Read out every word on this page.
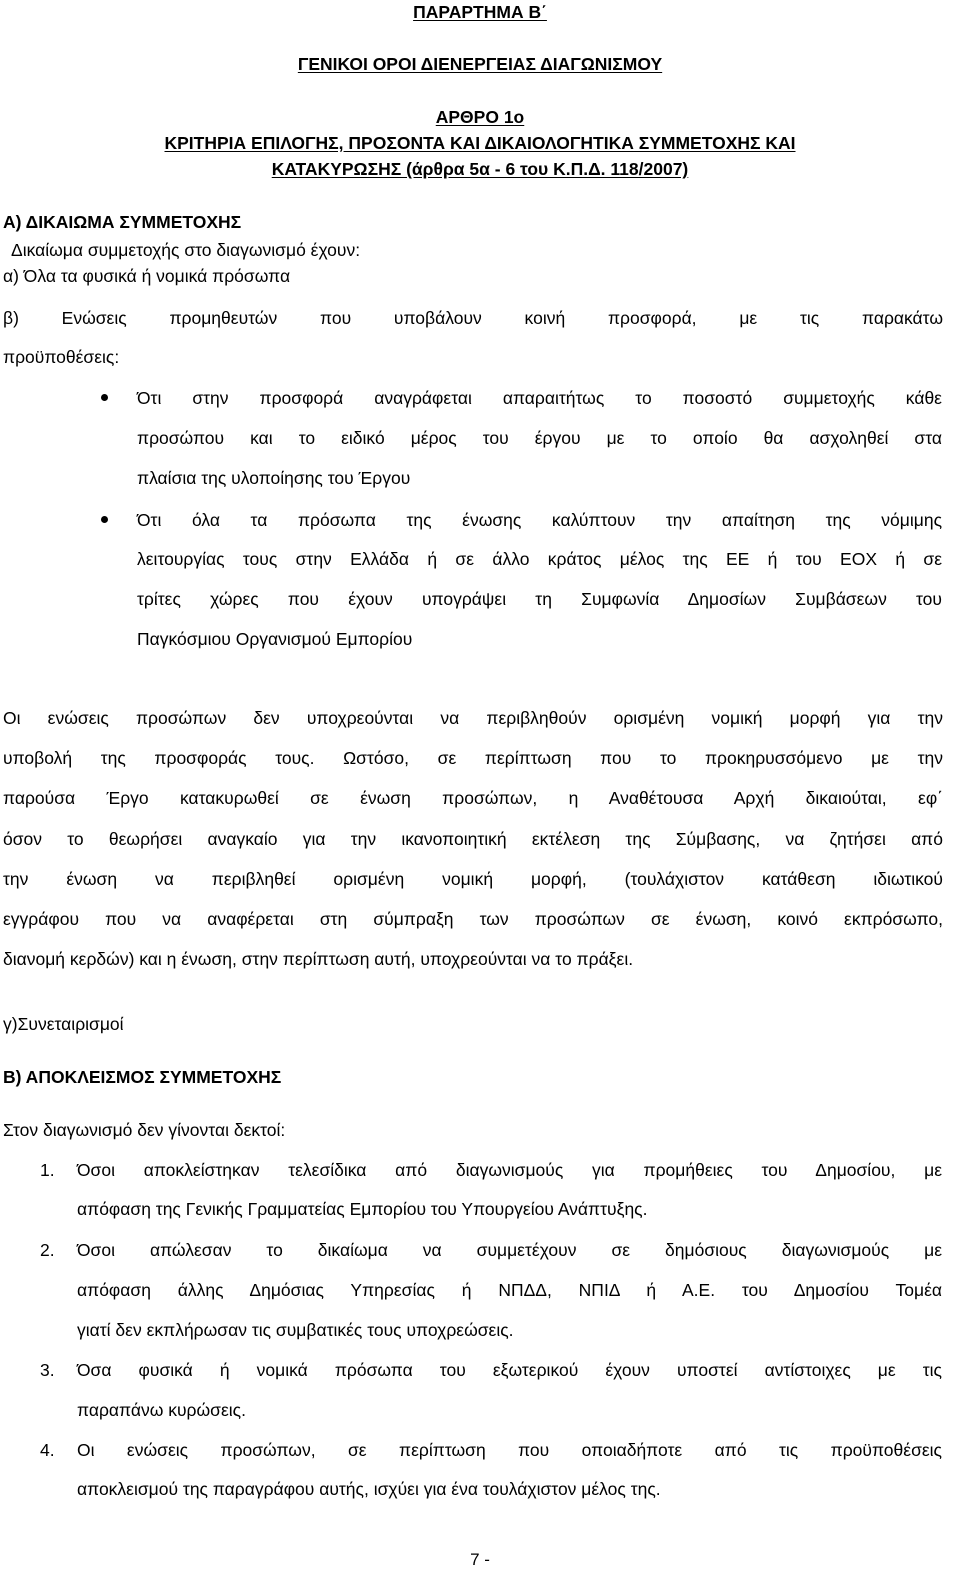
ΠΑΡΑΡΤΗΜΑ Β΄
ΓΕΝΙΚΟΙ ΟΡΟΙ ΔΙΕΝΕΡΓΕΙΑΣ ΔΙΑΓΩΝΙΣΜΟΥ
ΑΡΘΡΟ 1ο
ΚΡΙΤΗΡΙΑ ΕΠΙΛΟΓΗΣ, ΠΡΟΣΟΝΤΑ ΚΑΙ ΔΙΚΑΙΟΛΟΓΗΤΙΚΑ ΣΥΜΜΕΤΟΧΗΣ ΚΑΙ
ΚΑΤΑΚΥΡΩΣΗΣ (άρθρα 5α - 6 του Κ.Π.Δ. 118/2007)
Α) ΔΙΚΑΙΩΜΑ ΣΥΜΜΕΤΟΧΗΣ
Δικαίωμα συμμετοχής στο διαγωνισμό έχουν:
α) Όλα τα φυσικά ή νομικά πρόσωπα
β) Ενώσεις προμηθευτών που υποβάλουν κοινή προσφορά, με τις παρακάτω
προϋποθέσεις:
Ότι στην προσφορά αναγράφεται απαραιτήτως το ποσοστό συμμετοχής κάθε
προσώπου και το ειδικό μέρος του έργου με το οποίο θα ασχοληθεί στα
πλαίσια της υλοποίησης του Έργου
Ότι όλα τα πρόσωπα της ένωσης καλύπτουν την απαίτηση της νόμιμης
λειτουργίας τους στην Ελλάδα ή σε άλλο κράτος μέλος της ΕΕ ή του ΕΟΧ ή σε
τρίτες χώρες που έχουν υπογράψει τη Συμφωνία Δημοσίων Συμβάσεων του
Παγκόσμιου Οργανισμού Εμπορίου
Οι ενώσεις προσώπων δεν υποχρεούνται να περιβληθούν ορισμένη νομική μορφή για την
υποβολή της προσφοράς τους. Ωστόσο, σε περίπτωση που το προκηρυσσόμενο με την
παρούσα Έργο κατακυρωθεί σε ένωση προσώπων, η Αναθέτουσα Αρχή δικαιούται, εφ΄
όσον το θεωρήσει αναγκαίο για την ικανοποιητική εκτέλεση της Σύμβασης, να ζητήσει από
την ένωση να περιβληθεί ορισμένη νομική μορφή, (τουλάχιστον κατάθεση ιδιωτικού
εγγράφου που να αναφέρεται στη σύμπραξη των προσώπων σε ένωση, κοινό εκπρόσωπο,
διανομή κερδών) και η ένωση, στην περίπτωση αυτή, υποχρεούνται να το πράξει.
γ)Συνεταιρισμοί
Β) ΑΠΟΚΛΕΙΣΜΟΣ ΣΥΜΜΕΤΟΧΗΣ
Στον διαγωνισμό δεν γίνονται δεκτοί:
1. Όσοι αποκλείστηκαν τελεσίδικα από διαγωνισμούς για προμήθειες του Δημοσίου, με
απόφαση της Γενικής Γραμματείας Εμπορίου του Υπουργείου Ανάπτυξης.
2. Όσοι απώλεσαν το δικαίωμα να συμμετέχουν σε δημόσιους διαγωνισμούς με
απόφαση άλλης Δημόσιας Υπηρεσίας ή ΝΠΔΔ, ΝΠΙΔ ή Α.Ε. του Δημοσίου Τομέα
γιατί δεν εκπλήρωσαν τις συμβατικές τους υποχρεώσεις.
3. Όσα φυσικά ή νομικά πρόσωπα του εξωτερικού έχουν υποστεί αντίστοιχες με τις
παραπάνω κυρώσεις.
4. Οι ενώσεις προσώπων, σε περίπτωση που οποιαδήποτε από τις προϋποθέσεις
αποκλεισμού της παραγράφου αυτής, ισχύει για ένα τουλάχιστον μέλος της.
7 -
